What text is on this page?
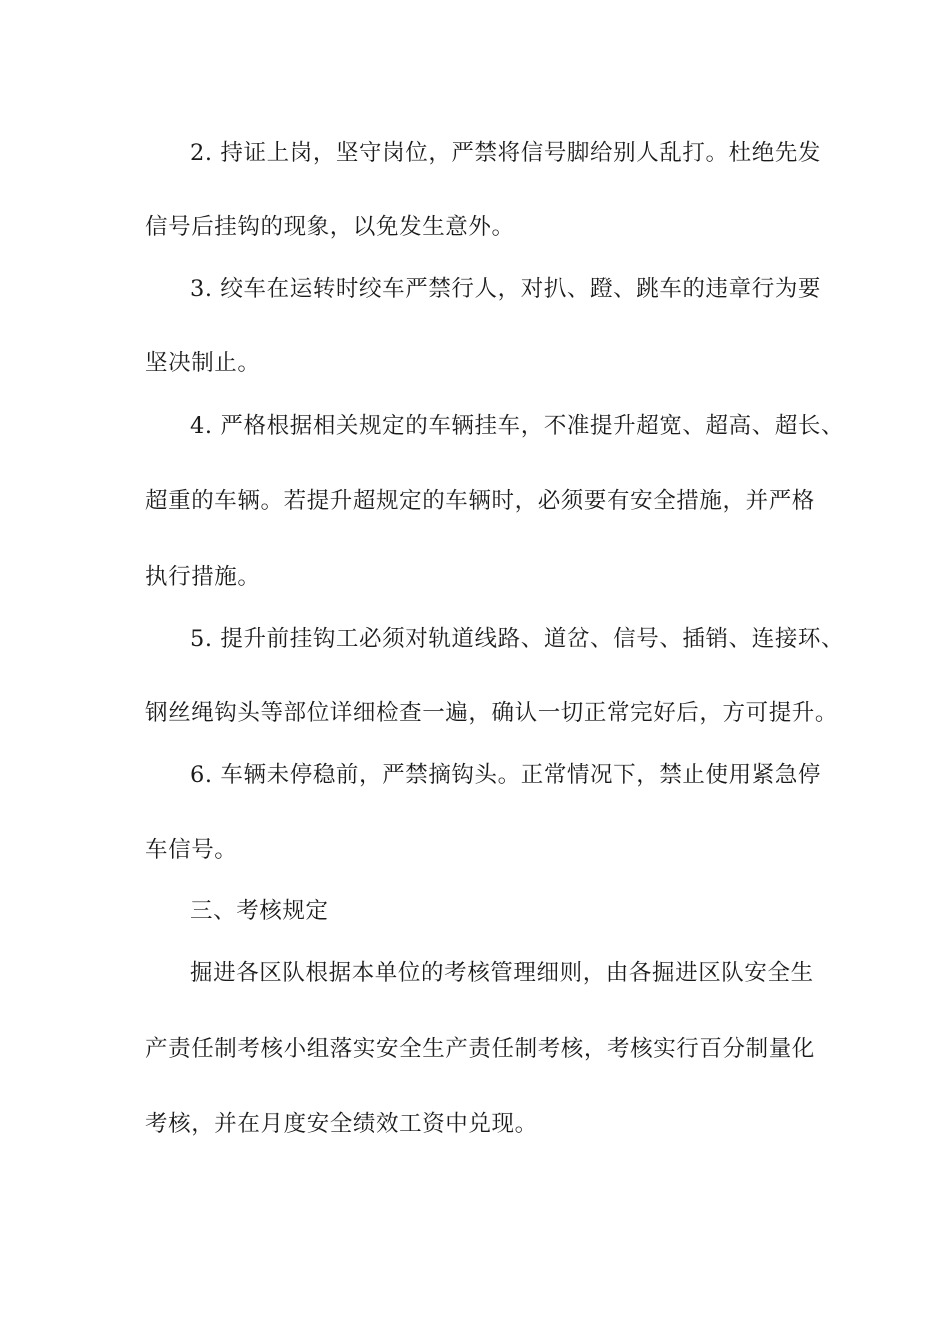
2. 持证上岗，坚守岗位，严禁将信号脚给别人乱打。杜绝先发
信号后挂钩的现象，以免发生意外。
3. 绞车在运转时绞车严禁行人，对扒、蹬、跳车的违章行为要
坚决制止。
4. 严格根据相关规定的车辆挂车，不准提升超宽、超高、超长、
超重的车辆。若提升超规定的车辆时，必须要有安全措施，并严格
执行措施。
5. 提升前挂钩工必须对轨道线路、道岔、信号、插销、连接环、
钢丝绳钩头等部位详细检查一遍，确认一切正常完好后，方可提升。
6. 车辆未停稳前，严禁摘钩头。正常情况下，禁止使用紧急停
车信号。
三、考核规定
掘进各区队根据本单位的考核管理细则，由各掘进区队安全生
产责任制考核小组落实安全生产责任制考核，考核实行百分制量化
考核，并在月度安全绩效工资中兑现。
